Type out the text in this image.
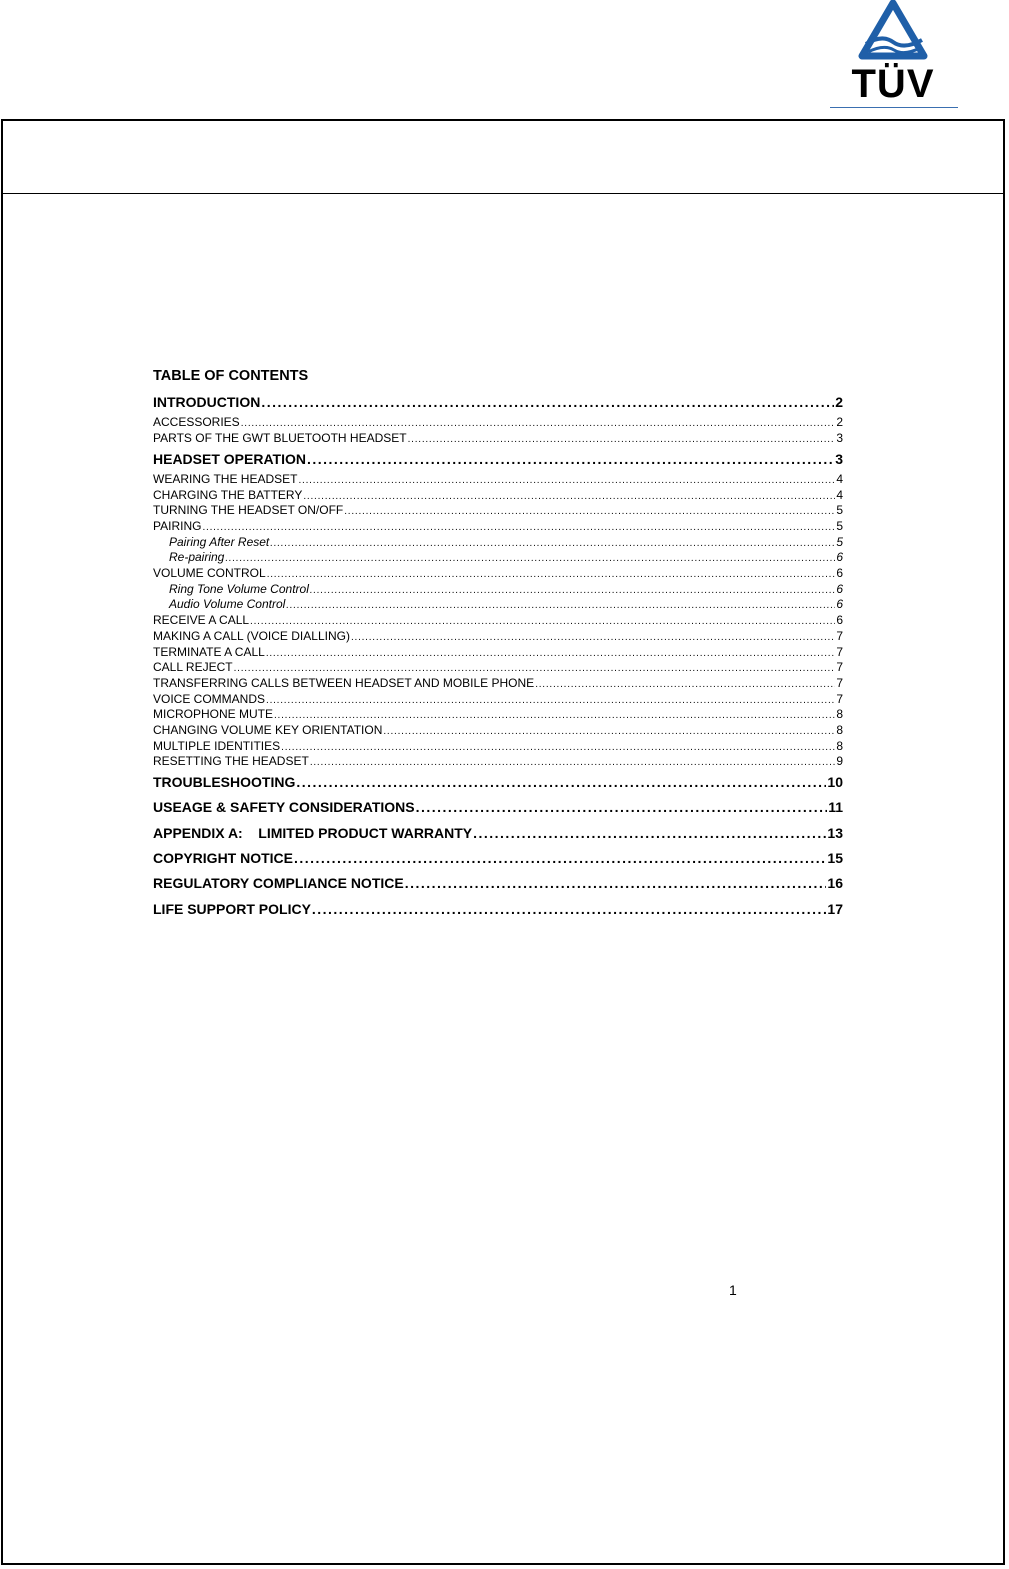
TÜV
TABLE OF CONTENTS
INTRODUCTION . . .	2
ACCESSORIES . . .	2
PARTS OF THE GWT BLUETOOTH HEADSET . . .	3
HEADSET OPERATION . . .	3
WEARING THE HEADSET . . .	4
CHARGING THE BATTERY . . .	4
TURNING THE HEADSET ON/OFF . . .	5
PAIRING . . .	5
Pairing After Reset . . .	5
Re-pairing . . .	6
VOLUME CONTROL . . .	6
Ring Tone Volume Control . . .	6
Audio Volume Control . . .	6
RECEIVE A CALL . . .	6
MAKING A CALL (VOICE DIALLING) . . .	7
TERMINATE A CALL . . .	7
CALL REJECT . . .	7
TRANSFERRING CALLS BETWEEN HEADSET AND MOBILE PHONE . . .	7
VOICE COMMANDS . . .	7
MICROPHONE MUTE . . .	8
CHANGING VOLUME KEY ORIENTATION . . .	8
MULTIPLE IDENTITIES . . .	8
RESETTING THE HEADSET . . .	9
TROUBLESHOOTING . . .	10
USEAGE & SAFETY CONSIDERATIONS . . .	11
APPENDIX A:    LIMITED PRODUCT WARRANTY . . .	13
COPYRIGHT NOTICE . . .	15
REGULATORY COMPLIANCE NOTICE . . .	16
LIFE SUPPORT POLICY . . .	17
1
